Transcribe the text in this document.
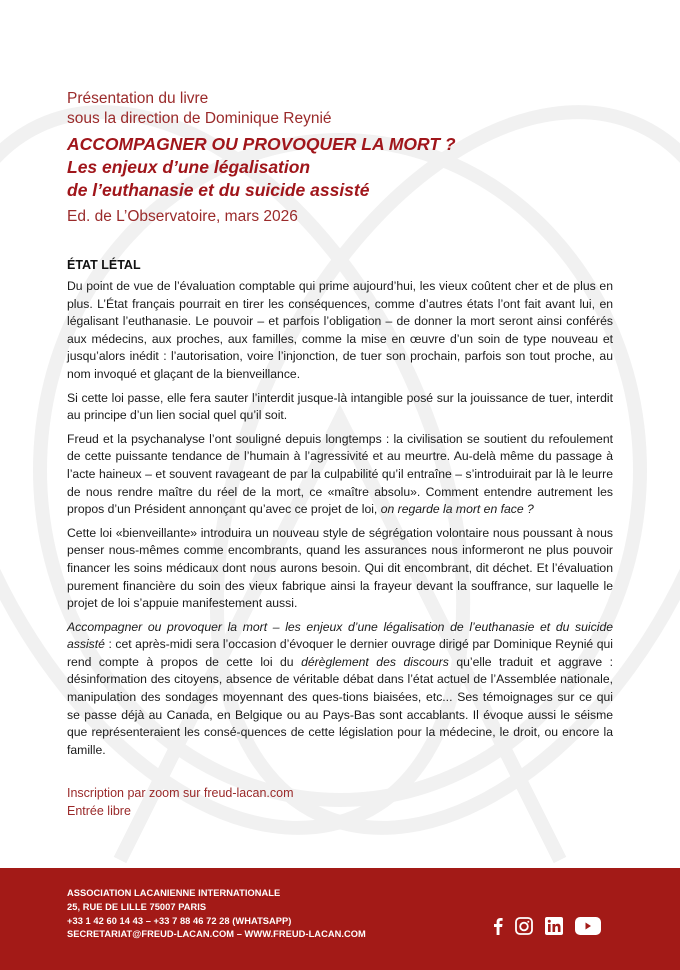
Présentation du livre
sous la direction de Dominique Reynié
ACCOMPAGNER OU PROVOQUER LA MORT ?
Les enjeux d’une légalisation
de l’euthanasie et du suicide assisté
Ed. de L’Observatoire, mars 2026
ÉTAT LÉTAL

Du point de vue de l’évaluation comptable qui prime aujourd’hui, les vieux coûtent cher et de plus en plus. L’État français pourrait en tirer les conséquences, comme d’autres états l’ont fait avant lui, en légalisant l’euthanasie. Le pouvoir – et parfois l’obligation – de donner la mort seront ainsi conférés aux médecins, aux proches, aux familles, comme la mise en œuvre d’un soin de type nouveau et jusqu’alors inédit : l’autorisation, voire l’injonction, de tuer son prochain, parfois son tout proche, au nom invoqué et glaçant de la bienveillance.

Si cette loi passe, elle fera sauter l’interdit jusque-là intangible posé sur la jouissance de tuer, interdit au principe d’un lien social quel qu’il soit.

Freud et la psychanalyse l’ont souligné depuis longtemps : la civilisation se soutient du refoulement de cette puissante tendance de l’humain à l’agressivité et au meurtre. Au-delà même du passage à l’acte haineux – et souvent ravageant de par la culpabilité qu’il entraîne – s’introduirait par là le leurre de nous rendre maître du réel de la mort, ce «maître absolu». Comment entendre autrement les propos d’un Président annonçant qu’avec ce projet de loi, on regarde la mort en face ?

Cette loi «bienveillante» introduira un nouveau style de ségrégation volontaire nous poussant à nous penser nous-mêmes comme encombrants, quand les assurances nous informeront ne plus pouvoir financer les soins médicaux dont nous aurons besoin. Qui dit encombrant, dit déchet. Et l’évaluation purement financière du soin des vieux fabrique ainsi la frayeur devant la souffrance, sur laquelle le projet de loi s’appuie manifestement aussi.

Accompagner ou provoquer la mort – les enjeux d’une légalisation de l’euthanasie et du suicide assisté : cet après-midi sera l’occasion d’évoquer le dernier ouvrage dirigé par Dominique Reynié qui rend compte à propos de cette loi du dérèglement des discours qu’elle traduit et aggrave : désinformation des citoyens, absence de véritable débat dans l’état actuel de l’Assemblée nationale, manipulation des sondages moyennant des ques-tions biaisées, etc... Ses témoignages sur ce qui se passe déjà au Canada, en Belgique ou au Pays-Bas sont accablants. Il évoque aussi le séisme que représenteraient les consé-quences de cette législation pour la médecine, le droit, ou encore la famille.

Inscription par zoom sur freud-lacan.com
Entrée libre
ASSOCIATION LACANIENNE INTERNATIONALE
25, RUE DE LILLE 75007 PARIS
+33 1 42 60 14 43 – +33 7 88 46 72 28 (WHATSAPP)
SECRETARIAT@FREUD-LACAN.COM – WWW.FREUD-LACAN.COM
